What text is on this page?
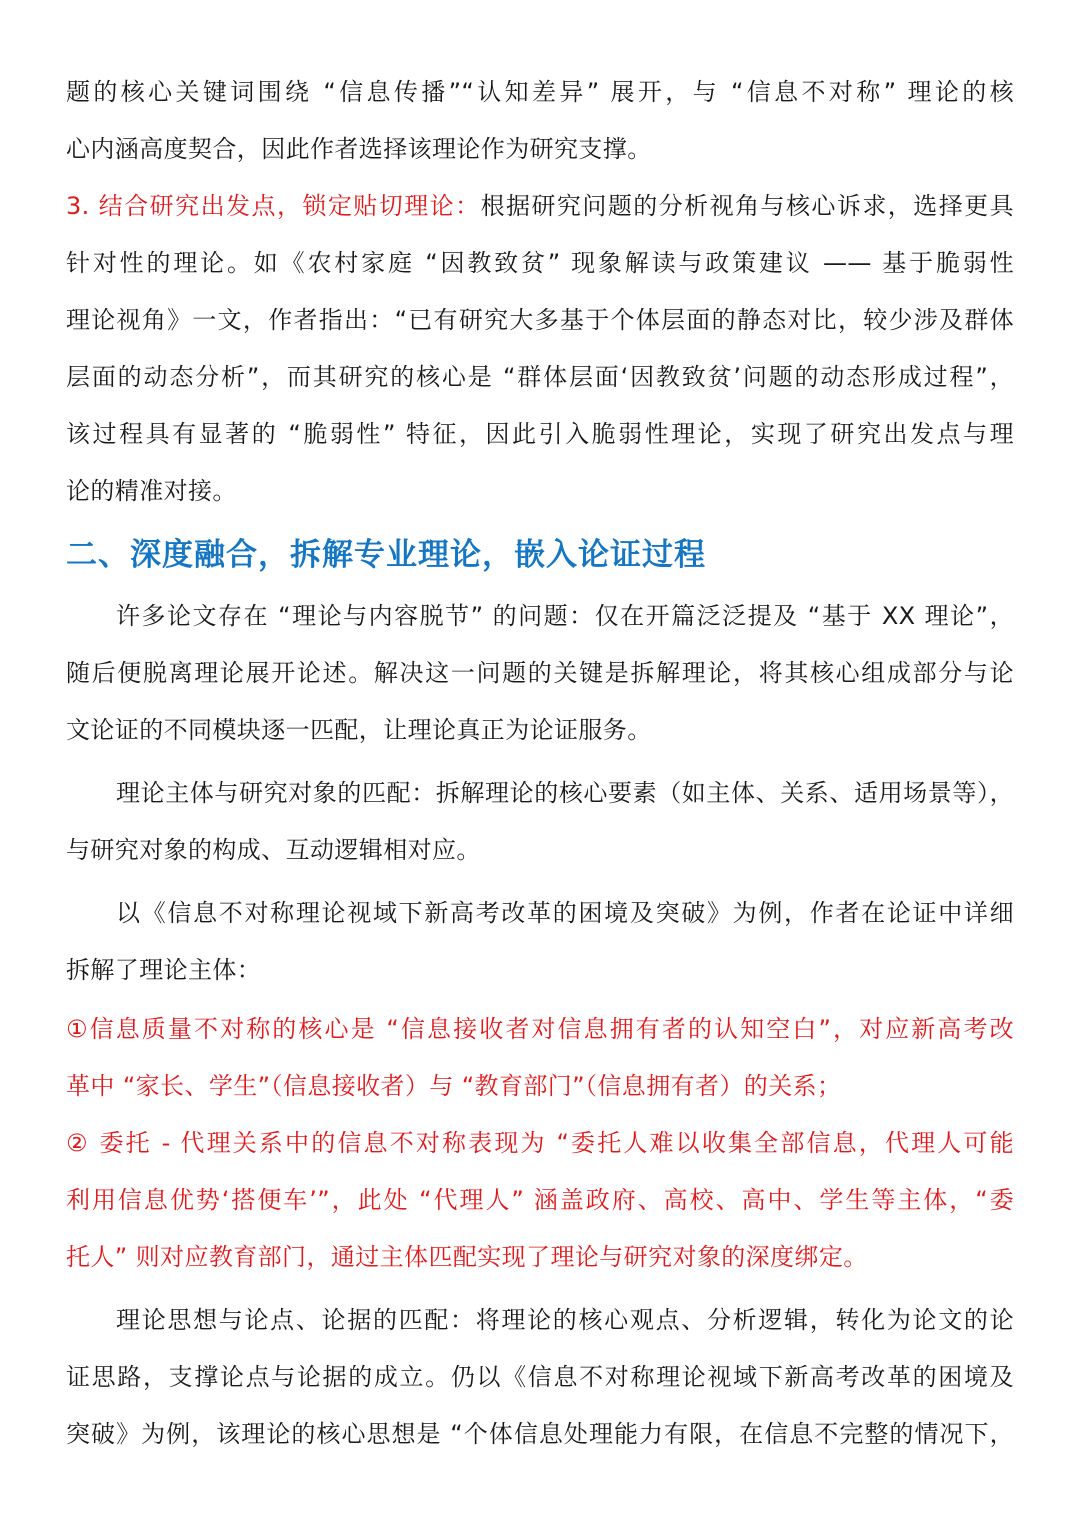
题的核心关键词围绕 “信息传播”“认知差异” 展开，与 “信息不对称” 理论的核
心内涵高度契合，因此作者选择该理论作为研究支撑。
3. 结合研究出发点，锁定贴切理论：根据研究问题的分析视角与核心诉求，选择更具
针对性的理论。如《农村家庭 “因教致贫” 现象解读与政策建议 —— 基于脆弱性
理论视角》一文，作者指出：“已有研究大多基于个体层面的静态对比，较少涉及群体
层面的动态分析”，而其研究的核心是 “群体层面‘因教致贫’问题的动态形成过程”，
该过程具有显著的 “脆弱性” 特征，因此引入脆弱性理论，实现了研究出发点与理
论的精准对接。
二、深度融合，拆解专业理论，嵌入论证过程
许多论文存在 “理论与内容脱节” 的问题：仅在开篇泛泛提及 “基于 XX 理论”，
随后便脱离理论展开论述。解决这一问题的关键是拆解理论，将其核心组成部分与论
文论证的不同模块逐一匹配，让理论真正为论证服务。
理论主体与研究对象的匹配：拆解理论的核心要素（如主体、关系、适用场景等），
与研究对象的构成、互动逻辑相对应。
以《信息不对称理论视域下新高考改革的困境及突破》为例，作者在论证中详细
拆解了理论主体：
①信息质量不对称的核心是 “信息接收者对信息拥有者的认知空白”，对应新高考改
革中 “家长、学生”（信息接收者）与 “教育部门”（信息拥有者）的关系；
② 委托 - 代理关系中的信息不对称表现为 “委托人难以收集全部信息，代理人可能
利用信息优势‘搭便车’”，此处 “代理人” 涵盖政府、高校、高中、学生等主体，“委
托人” 则对应教育部门，通过主体匹配实现了理论与研究对象的深度绑定。
理论思想与论点、论据的匹配：将理论的核心观点、分析逻辑，转化为论文的论
证思路，支撑论点与论据的成立。仍以《信息不对称理论视域下新高考改革的困境及
突破》为例，该理论的核心思想是 “个体信息处理能力有限，在信息不完整的情况下，
